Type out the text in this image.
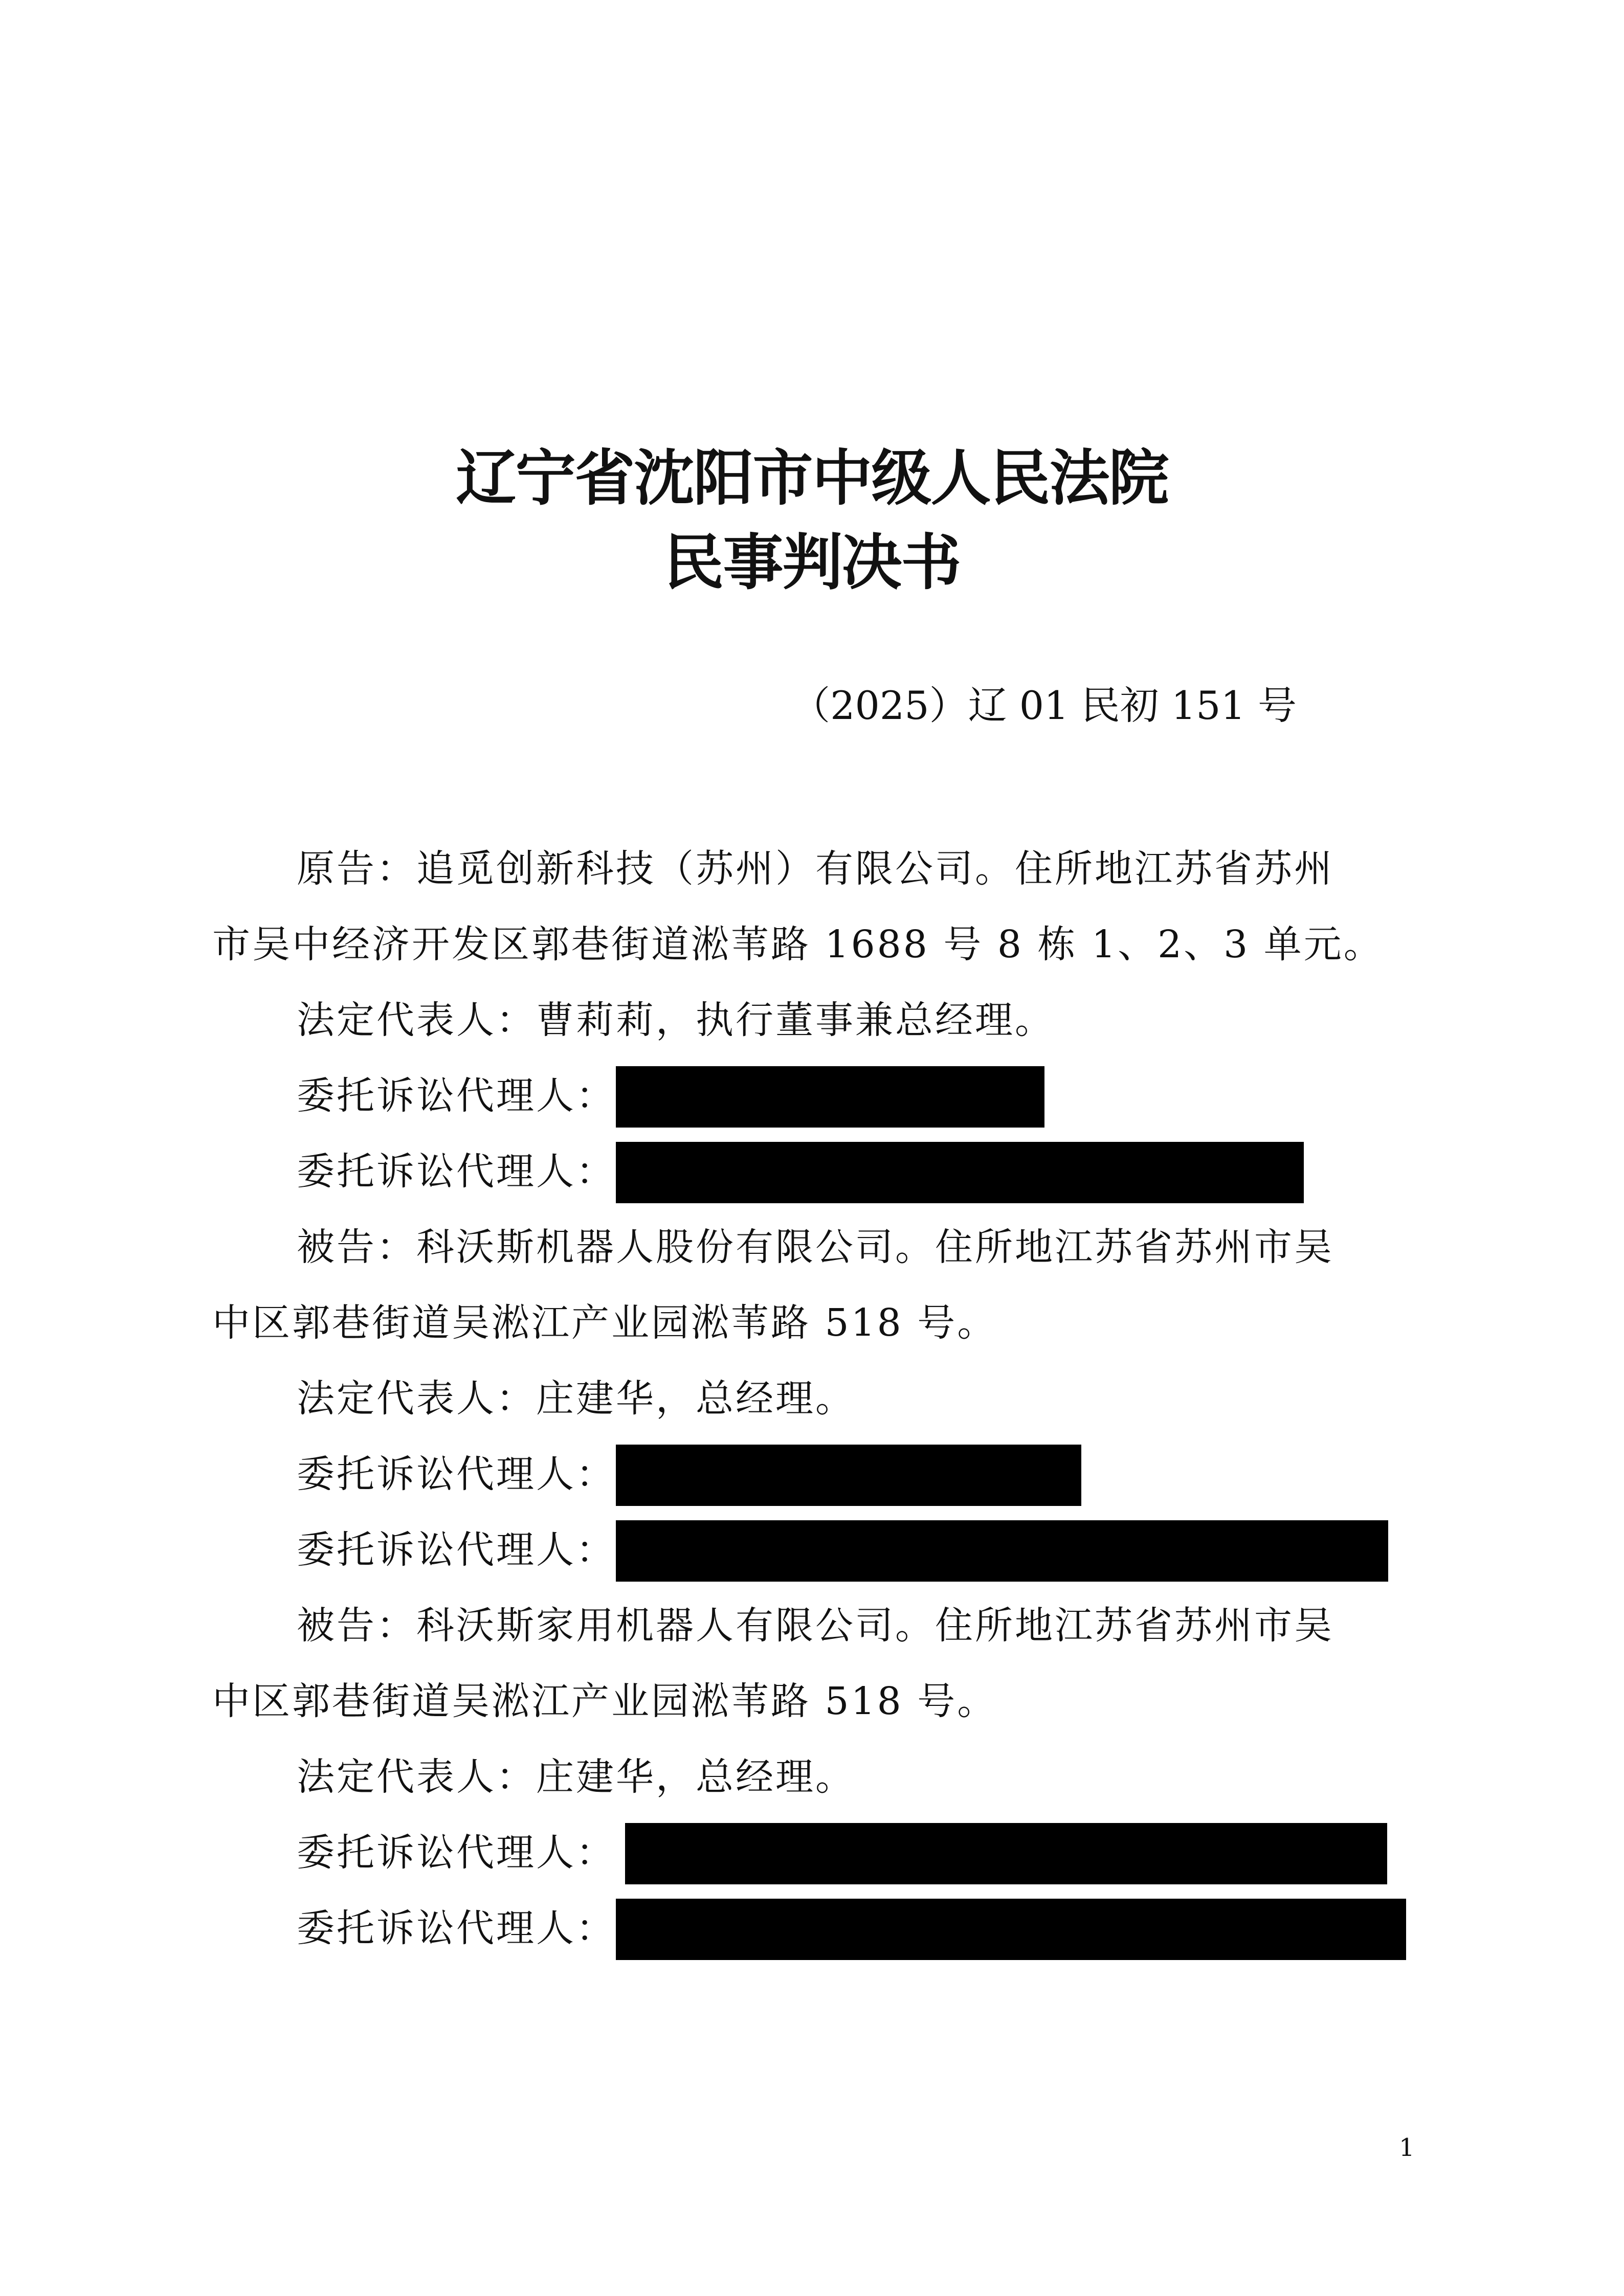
辽宁省沈阳市中级人民法院
民事判决书
（2025）辽 01 民初 151 号
原告：追觅创新科技（苏州）有限公司。住所地江苏省苏州
市吴中经济开发区郭巷街道淞苇路 1688 号 8 栋 1、2、3 单元。
法定代表人：曹莉莉，执行董事兼总经理。
委托诉讼代理人：
委托诉讼代理人：
被告：科沃斯机器人股份有限公司。住所地江苏省苏州市吴
中区郭巷街道吴淞江产业园淞苇路 518 号。
法定代表人：庄建华，总经理。
委托诉讼代理人：
委托诉讼代理人：
被告：科沃斯家用机器人有限公司。住所地江苏省苏州市吴
中区郭巷街道吴淞江产业园淞苇路 518 号。
法定代表人：庄建华，总经理。
委托诉讼代理人：
委托诉讼代理人：
1
